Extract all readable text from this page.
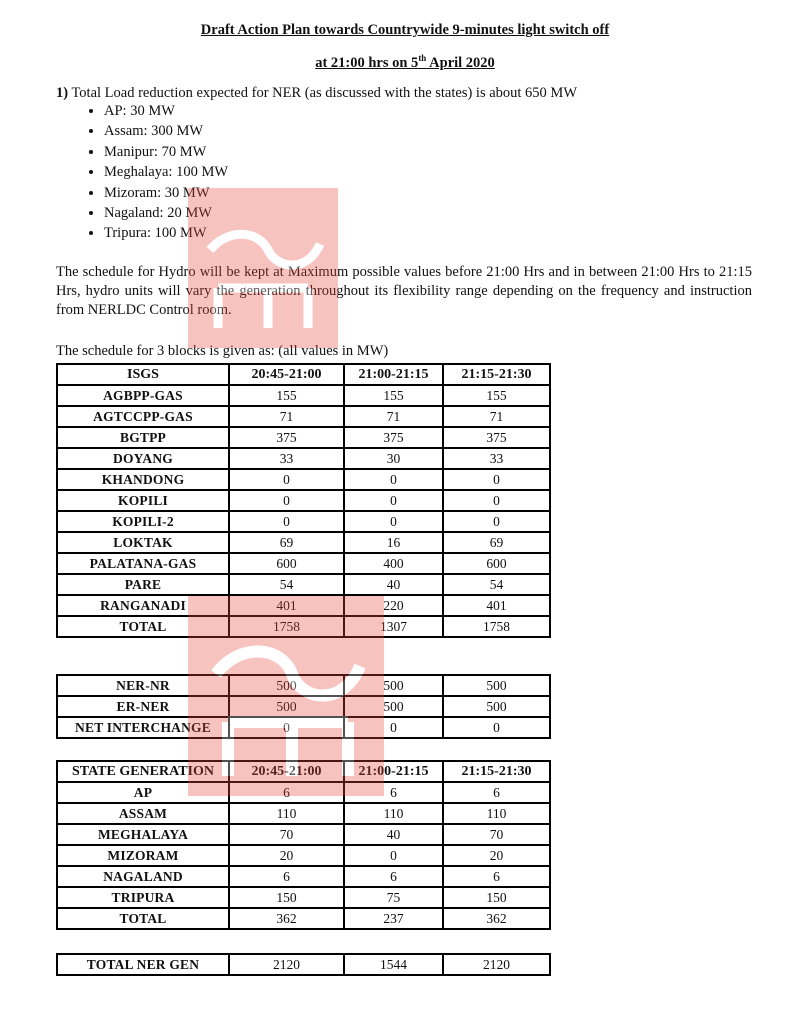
Draft Action Plan towards Countrywide 9-minutes light switch off
at 21:00 hrs on 5th April 2020
1) Total Load reduction expected for NER (as discussed with the states) is about 650 MW
• AP: 30 MW
• Assam: 300 MW
• Manipur: 70 MW
• Meghalaya: 100 MW
• Mizoram: 30 MW
• Nagaland: 20 MW
• Tripura: 100 MW
The schedule for Hydro will be kept at Maximum possible values before 21:00 Hrs and in between 21:00 Hrs to 21:15 Hrs, hydro units will vary the generation throughout its flexibility range depending on the frequency and instruction from NERLDC Control room.
The schedule for 3 blocks is given as: (all values in MW)
ISGS	20:45-21:00	21:00-21:15	21:15-21:30
AGBPP-GAS	155	155	155
AGTCCPP-GAS	71	71	71
BGTPP	375	375	375
DOYANG	33	30	33
KHANDONG	0	0	0
KOPILI	0	0	0
KOPILI-2	0	0	0
LOKTAK	69	16	69
PALATANA-GAS	600	400	600
PARE	54	40	54
RANGANADI	401	220	401
TOTAL	1758	1307	1758
NER-NR	500	500	500
ER-NER	500	500	500
NET INTERCHANGE	0	0	0
STATE GENERATION	20:45-21:00	21:00-21:15	21:15-21:30
AP	6	6	6
ASSAM	110	110	110
MEGHALAYA	70	40	70
MIZORAM	20	0	20
NAGALAND	6	6	6
TRIPURA	150	75	150
TOTAL	362	237	362
TOTAL NER GEN	2120	1544	2120
